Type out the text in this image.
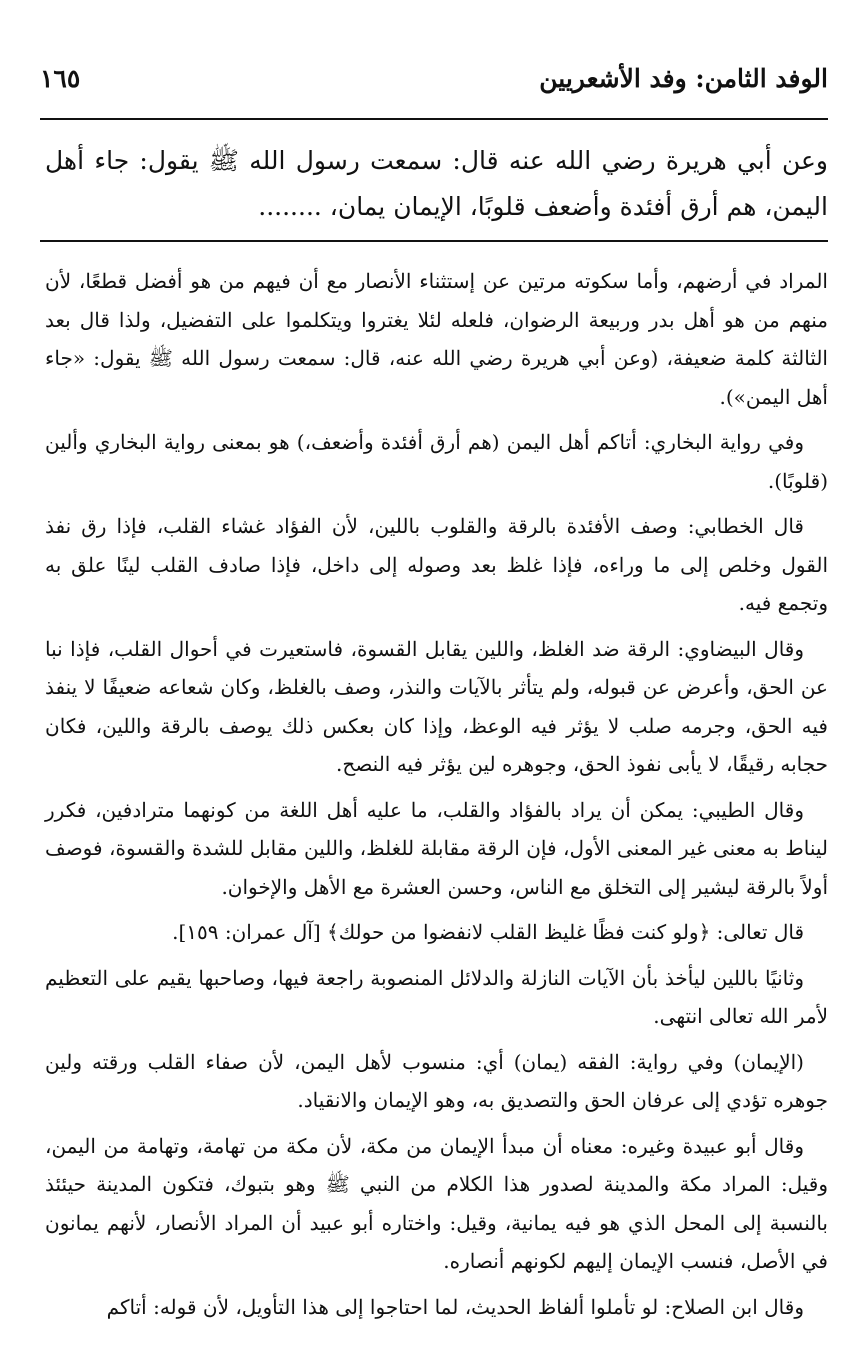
الوفد الثامن: وفد الأشعريين
١٦٥

وعن أبي هريرة رضي الله عنه قال: سمعت رسول الله ﷺ يقول: جاء أهل اليمن، هم أرق أفئدة وأضعف قلوبًا، الإيمان يمان، ........

المراد في أرضهم، وأما سكوته مرتين عن إستثناء الأنصار مع أن فيهم من هو أفضل قطعًا، لأن منهم من هو أهل بدر وربيعة الرضوان، فلعله لئلا يغتروا ويتكلموا على التفضيل، ولذا قال بعد الثالثة كلمة ضعيفة، (وعن أبي هريرة رضي الله عنه، قال: سمعت رسول الله ﷺ يقول: «جاء أهل اليمن»).

وفي رواية البخاري: أتاكم أهل اليمن (هم أرق أفئدة وأضعف،) هو بمعنى رواية البخاري وألين (قلوبًا).

قال الخطابي: وصف الأفئدة بالرقة والقلوب باللين، لأن الفؤاد غشاء القلب، فإذا رق نفذ القول وخلص إلى ما وراءه، فإذا غلظ بعد وصوله إلى داخل، فإذا صادف القلب لينًا علق به وتجمع فيه.

وقال البيضاوي: الرقة ضد الغلظ، واللين يقابل القسوة، فاستعيرت في أحوال القلب، فإذا نبا عن الحق، وأعرض عن قبوله، ولم يتأثر بالآيات والنذر، وصف بالغلظ، وكان شعاعه ضعيفًا لا ينفذ فيه الحق، وجرمه صلب لا يؤثر فيه الوعظ، وإذا كان بعكس ذلك يوصف بالرقة واللين، فكان حجابه رقيقًا، لا يأبى نفوذ الحق، وجوهره لين يؤثر فيه النصح.

وقال الطيبي: يمكن أن يراد بالفؤاد والقلب، ما عليه أهل اللغة من كونهما مترادفين، فكرر ليناط به معنى غير المعنى الأول، فإن الرقة مقابلة للغلظ، واللين مقابل للشدة والقسوة، فوصف أولاً بالرقة ليشير إلى التخلق مع الناس، وحسن العشرة مع الأهل والإخوان.

قال تعالى: ﴿ولو كنت فظًا غليظ القلب لانفضوا من حولك﴾ [آل عمران: ١٥٩].

وثانيًا باللين ليأخذ بأن الآيات النازلة والدلائل المنصوبة راجعة فيها، وصاحبها يقيم على التعظيم لأمر الله تعالى انتهى.

(الإيمان) وفي رواية: الفقه (يمان) أي: منسوب لأهل اليمن، لأن صفاء القلب ورقته ولين جوهره تؤدي إلى عرفان الحق والتصديق به، وهو الإيمان والانقياد.

وقال أبو عبيدة وغيره: معناه أن مبدأ الإيمان من مكة، لأن مكة من تهامة، وتهامة من اليمن، وقيل: المراد مكة والمدينة لصدور هذا الكلام من النبي ﷺ وهو بتبوك، فتكون المدينة حيئئذ بالنسبة إلى المحل الذي هو فيه يمانية، وقيل: واختاره أبو عبيد أن المراد الأنصار، لأنهم يمانون في الأصل، فنسب الإيمان إليهم لكونهم أنصاره.

وقال ابن الصلاح: لو تأملوا ألفاظ الحديث، لما احتاجوا إلى هذا التأويل، لأن قوله: أتاكم
